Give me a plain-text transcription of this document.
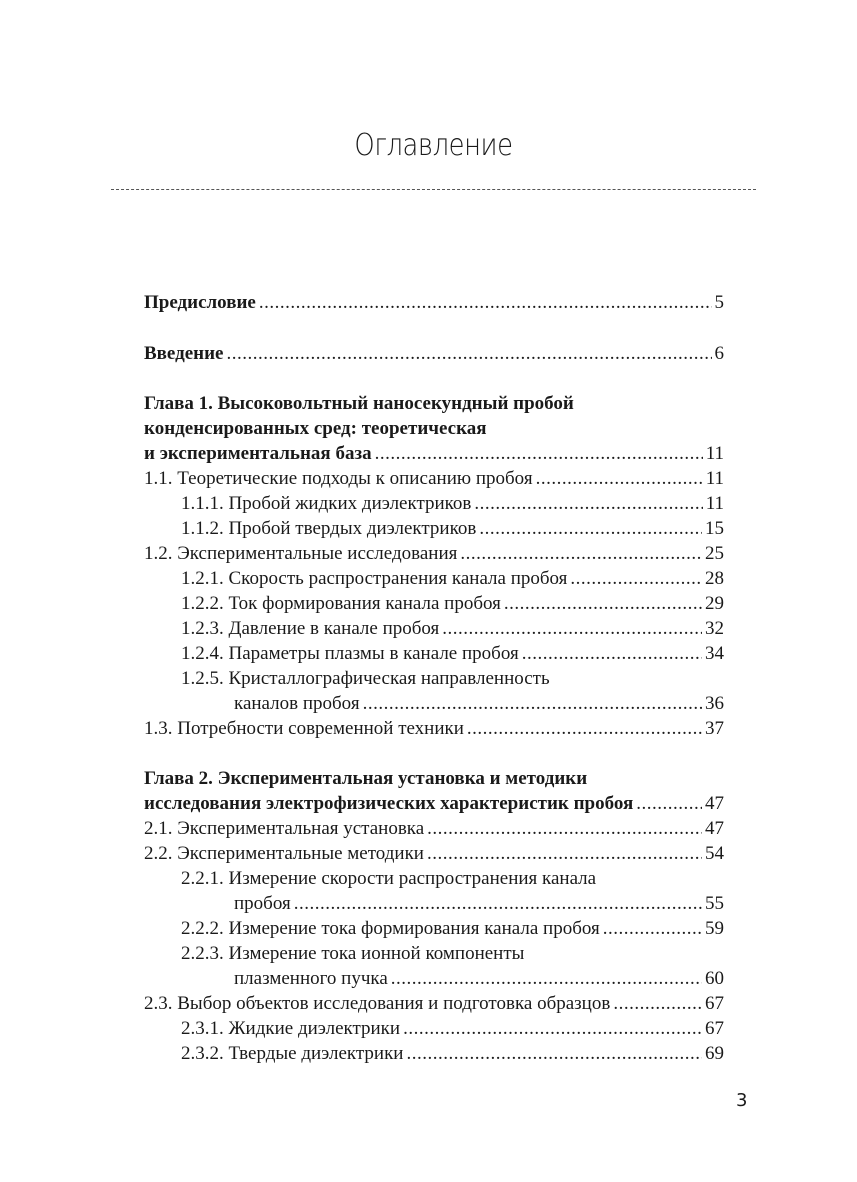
Оглавление
Предисловие .....	5
Введение .....	6
Глава 1. Высоковольтный наносекундный пробой
конденсированных сред: теоретическая
и экспериментальная база .....	11
1.1. Теоретические подходы к описанию пробоя .....	11
1.1.1. Пробой жидких диэлектриков .....	11
1.1.2. Пробой твердых диэлектриков .....	15
1.2. Экспериментальные исследования .....	25
1.2.1. Скорость распространения канала пробоя .....	28
1.2.2. Ток формирования канала пробоя .....	29
1.2.3. Давление в канале пробоя .....	32
1.2.4. Параметры плазмы в канале пробоя .....	34
1.2.5. Кристаллографическая направленность
каналов пробоя .....	36
1.3. Потребности современной техники .....	37
Глава 2. Экспериментальная установка и методики
исследования электрофизических характеристик пробоя .....	47
2.1. Экспериментальная установка .....	47
2.2. Экспериментальные методики .....	54
2.2.1. Измерение скорости распространения канала
пробоя .....	55
2.2.2. Измерение тока формирования канала пробоя .....	59
2.2.3. Измерение тока ионной компоненты
плазменного пучка .....	60
2.3. Выбор объектов исследования и подготовка образцов .....	67
2.3.1. Жидкие диэлектрики .....	67
2.3.2. Твердые диэлектрики .....	69
3
